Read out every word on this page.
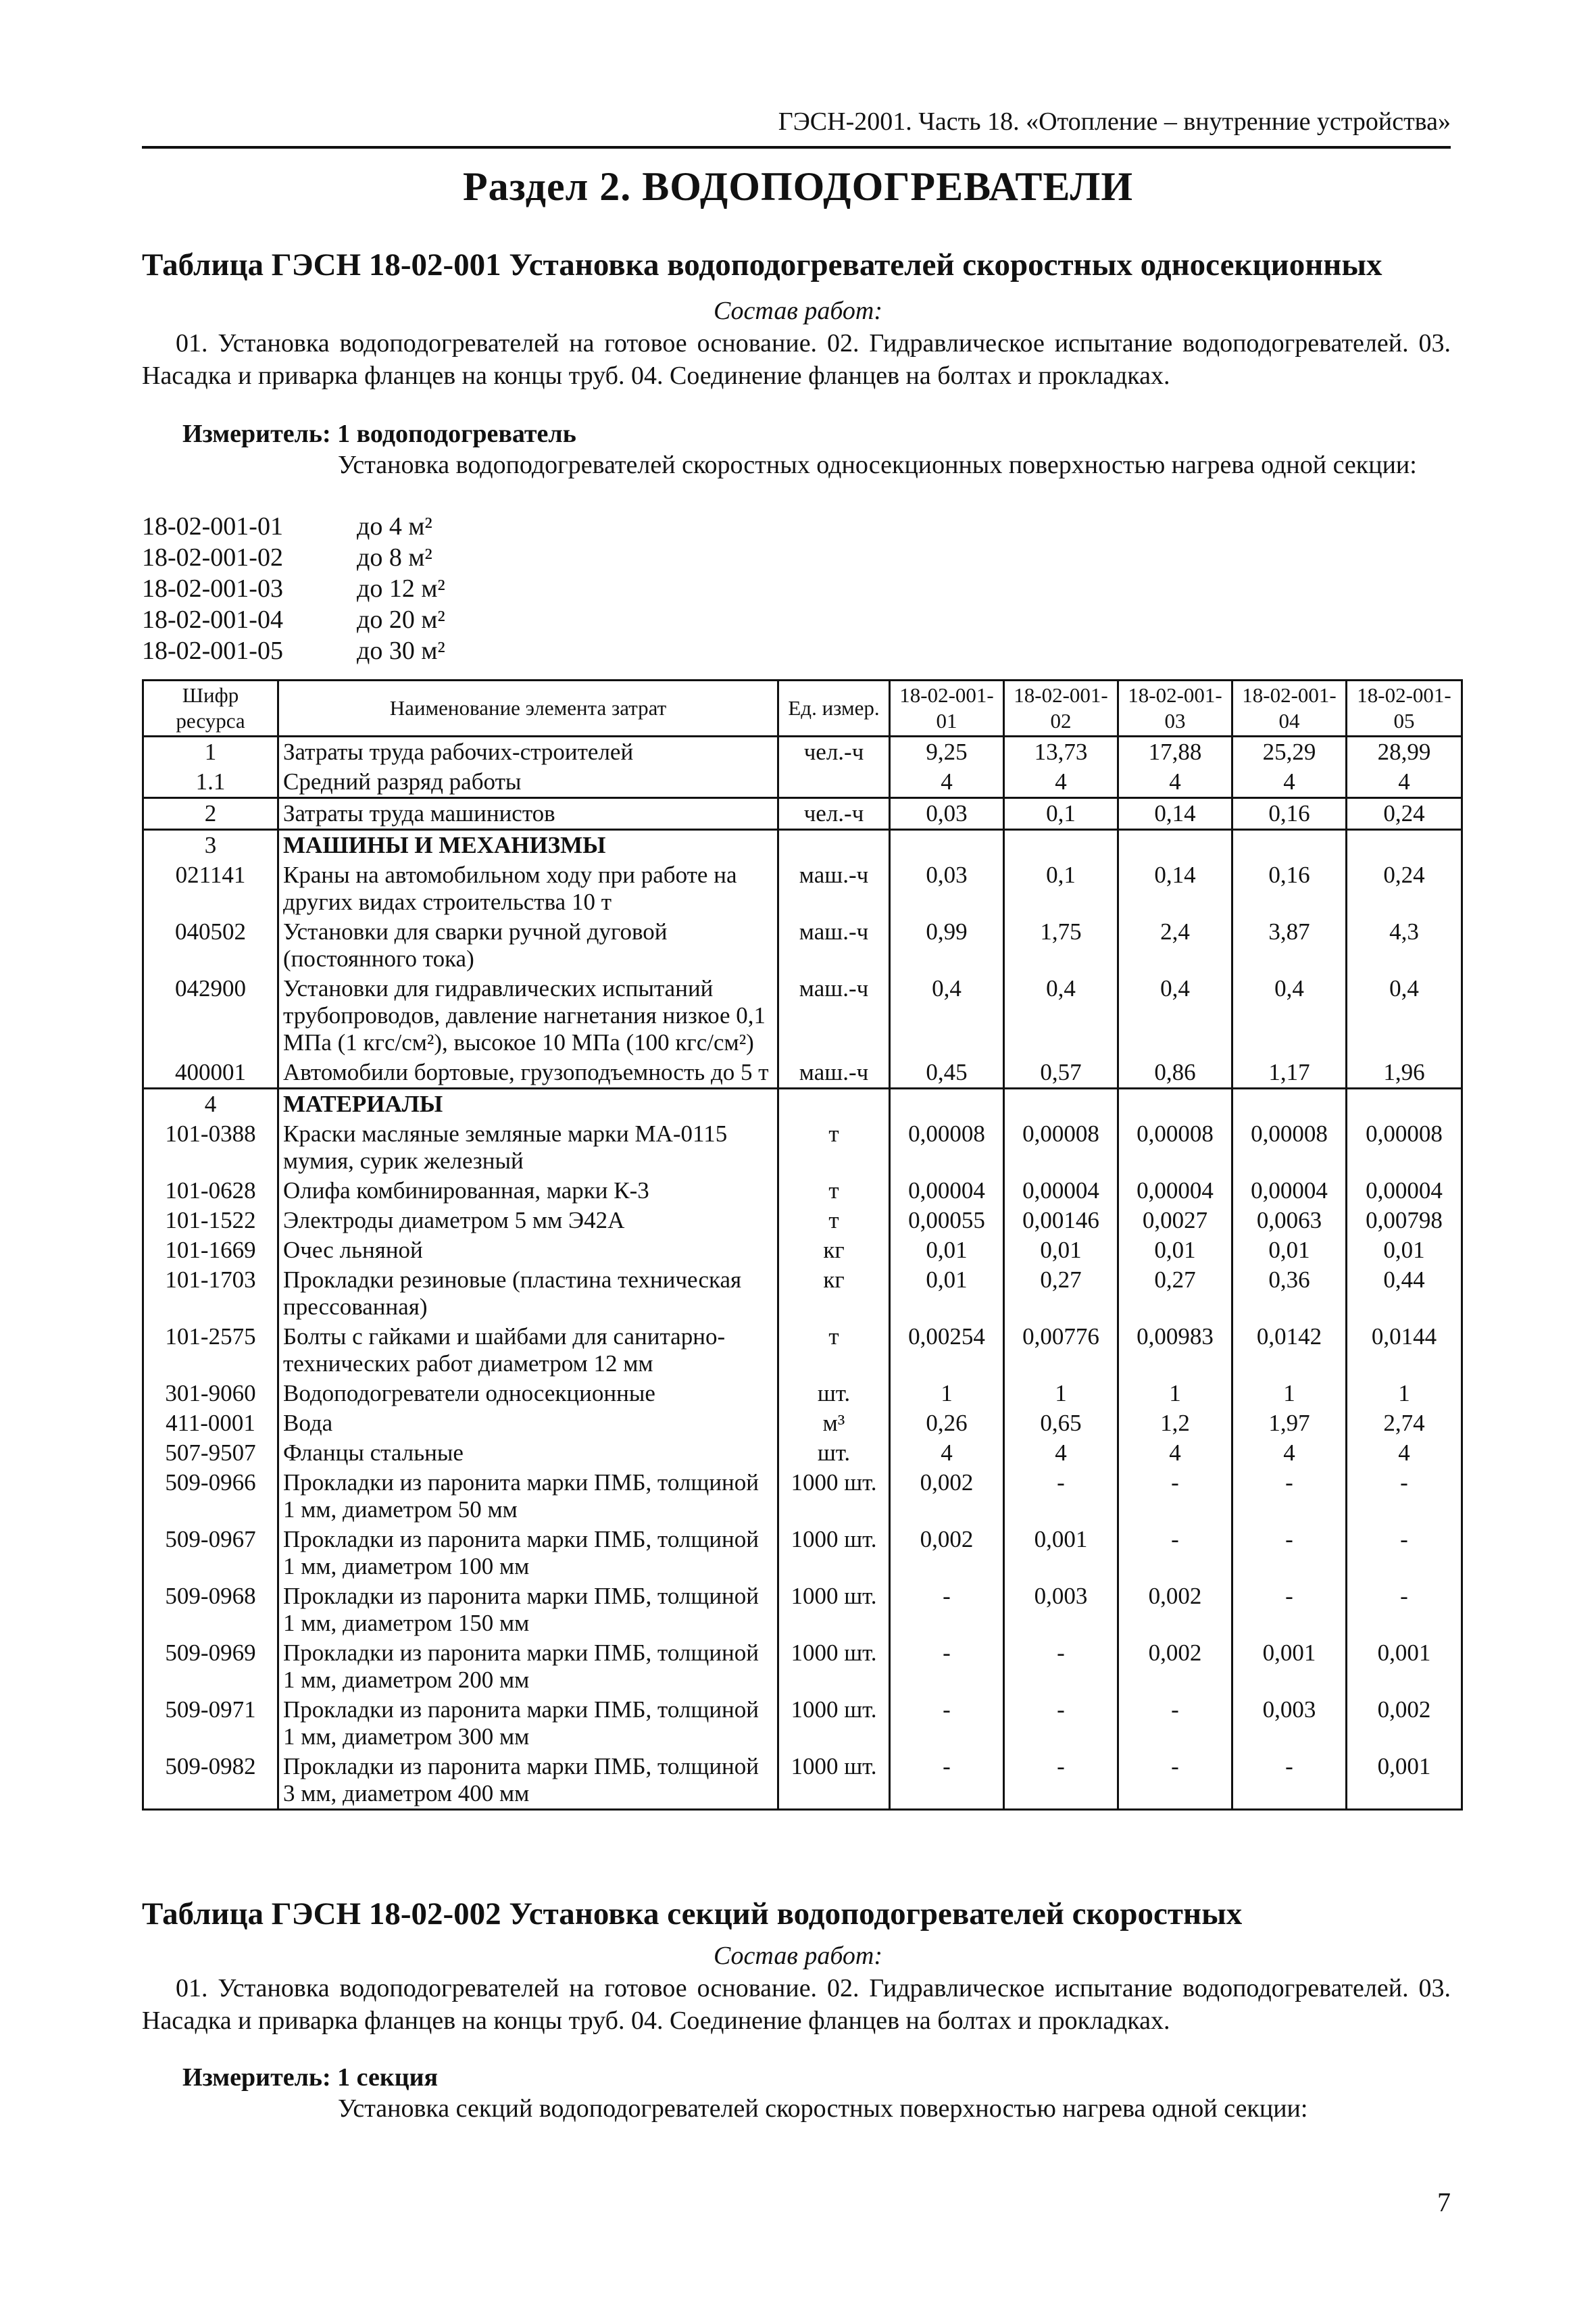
ГЭСН-2001. Часть 18. «Отопление – внутренние устройства»
Раздел 2. ВОДОПОДОГРЕВАТЕЛИ
Таблица ГЭСН 18-02-001 Установка водоподогревателей скоростных односекционных
Состав работ:
01. Установка водоподогревателей на готовое основание. 02. Гидравлическое испытание водоподогревателей. 03. Насадка и приварка фланцев на концы труб. 04. Соединение фланцев на болтах и прокладках.
Измеритель: 1 водоподогреватель
Установка водоподогревателей скоростных односекционных поверхностью нагрева одной секции:
18-02-001-01	до 4 м²
18-02-001-02	до 8 м²
18-02-001-03	до 12 м²
18-02-001-04	до 20 м²
18-02-001-05	до 30 м²
Шифр ресурса	Наименование элемента затрат	Ед. измер.	18-02-001-01	18-02-001-02	18-02-001-03	18-02-001-04	18-02-001-05
1	Затраты труда рабочих-строителей	чел.-ч	9,25	13,73	17,88	25,29	28,99
1.1	Средний разряд работы		4	4	4	4	4
2	Затраты труда машинистов	чел.-ч	0,03	0,1	0,14	0,16	0,24
3	МАШИНЫ И МЕХАНИЗМЫ						
021141	Краны на автомобильном ходу при работе на других видах строительства 10 т	маш.-ч	0,03	0,1	0,14	0,16	0,24
040502	Установки для сварки ручной дуговой (постоянного тока)	маш.-ч	0,99	1,75	2,4	3,87	4,3
042900	Установки для гидравлических испытаний трубопроводов, давление нагнетания низкое 0,1 МПа (1 кгс/см²), высокое 10 МПа (100 кгс/см²)	маш.-ч	0,4	0,4	0,4	0,4	0,4
400001	Автомобили бортовые, грузоподъемность до 5 т	маш.-ч	0,45	0,57	0,86	1,17	1,96
4	МАТЕРИАЛЫ						
101-0388	Краски масляные земляные марки МА-0115 мумия, сурик железный	т	0,00008	0,00008	0,00008	0,00008	0,00008
101-0628	Олифа комбинированная, марки К-3	т	0,00004	0,00004	0,00004	0,00004	0,00004
101-1522	Электроды диаметром 5 мм Э42А	т	0,00055	0,00146	0,0027	0,0063	0,00798
101-1669	Очес льняной	кг	0,01	0,01	0,01	0,01	0,01
101-1703	Прокладки резиновые (пластина техническая прессованная)	кг	0,01	0,27	0,27	0,36	0,44
101-2575	Болты с гайками и шайбами для санитарно-технических работ диаметром 12 мм	т	0,00254	0,00776	0,00983	0,0142	0,0144
301-9060	Водоподогреватели односекционные	шт.	1	1	1	1	1
411-0001	Вода	м³	0,26	0,65	1,2	1,97	2,74
507-9507	Фланцы стальные	шт.	4	4	4	4	4
509-0966	Прокладки из паронита марки ПМБ, толщиной 1 мм, диаметром 50 мм	1000 шт.	0,002	-	-	-	-
509-0967	Прокладки из паронита марки ПМБ, толщиной 1 мм, диаметром 100 мм	1000 шт.	0,002	0,001	-	-	-
509-0968	Прокладки из паронита марки ПМБ, толщиной 1 мм, диаметром 150 мм	1000 шт.	-	0,003	0,002	-	-
509-0969	Прокладки из паронита марки ПМБ, толщиной 1 мм, диаметром 200 мм	1000 шт.	-	-	0,002	0,001	0,001
509-0971	Прокладки из паронита марки ПМБ, толщиной 1 мм, диаметром 300 мм	1000 шт.	-	-	-	0,003	0,002
509-0982	Прокладки из паронита марки ПМБ, толщиной 3 мм, диаметром 400 мм	1000 шт.	-	-	-	-	0,001
Таблица ГЭСН 18-02-002 Установка секций водоподогревателей скоростных
Состав работ:
01. Установка водоподогревателей на готовое основание. 02. Гидравлическое испытание водоподогревателей. 03. Насадка и приварка фланцев на концы труб. 04. Соединение фланцев на болтах и прокладках.
Измеритель: 1 секция
Установка секций водоподогревателей скоростных поверхностью нагрева одной секции:
7
